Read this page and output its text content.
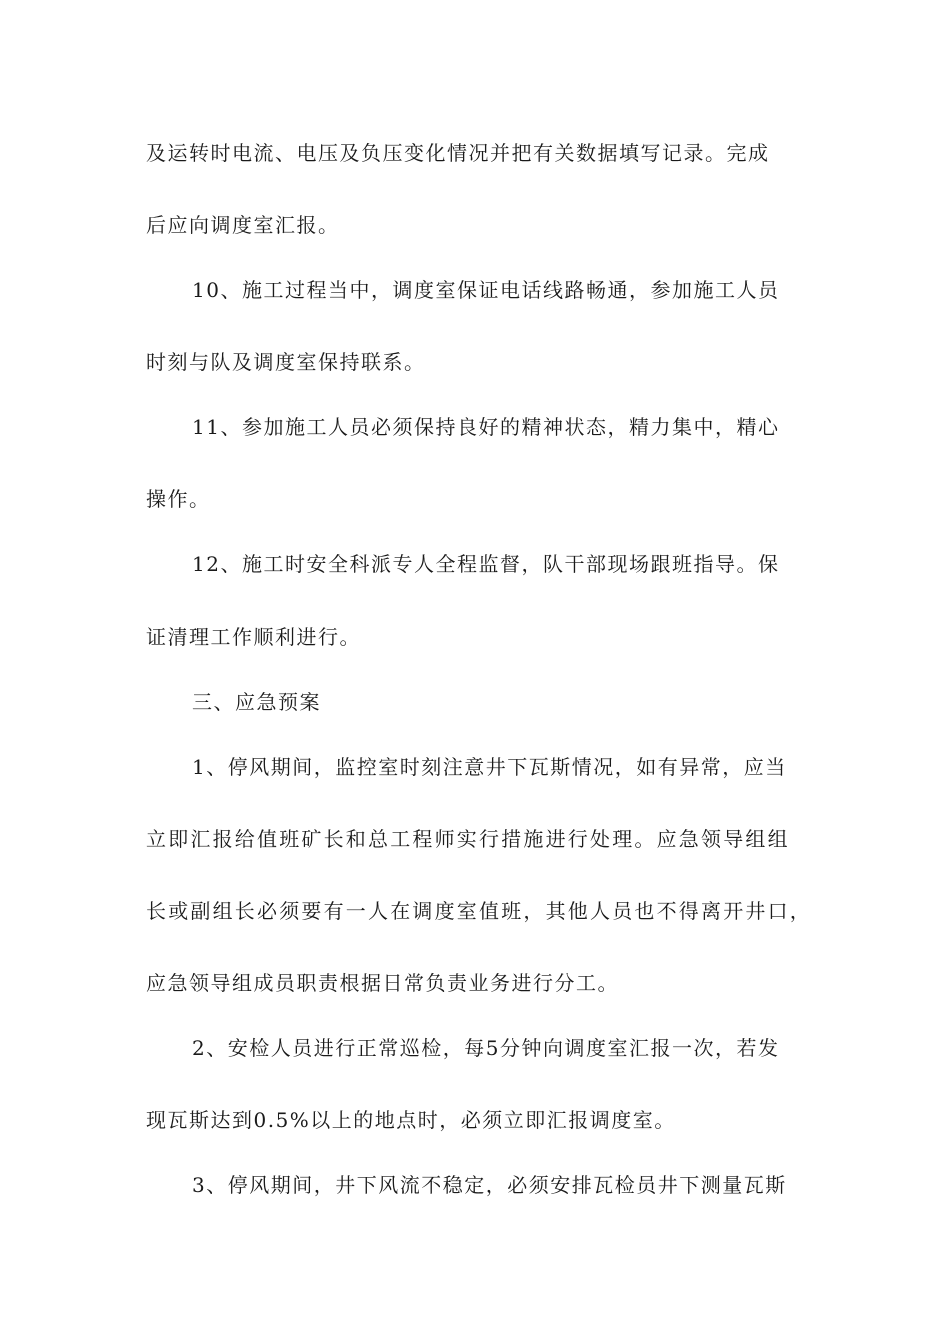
及运转时电流、电压及负压变化情况并把有关数据填写记录。完成
后应向调度室汇报。
10、施工过程当中，调度室保证电话线路畅通，参加施工人员
时刻与队及调度室保持联系。
11、参加施工人员必须保持良好的精神状态，精力集中，精心
操作。
12、施工时安全科派专人全程监督，队干部现场跟班指导。保
证清理工作顺利进行。
三、应急预案
1、停风期间，监控室时刻注意井下瓦斯情况，如有异常，应当
立即汇报给值班矿长和总工程师实行措施进行处理。应急领导组组
长或副组长必须要有一人在调度室值班，其他人员也不得离开井口，
应急领导组成员职责根据日常负责业务进行分工。
2、安检人员进行正常巡检，每5分钟向调度室汇报一次，若发
现瓦斯达到0.5%以上的地点时，必须立即汇报调度室。
3、停风期间，井下风流不稳定，必须安排瓦检员井下测量瓦斯
